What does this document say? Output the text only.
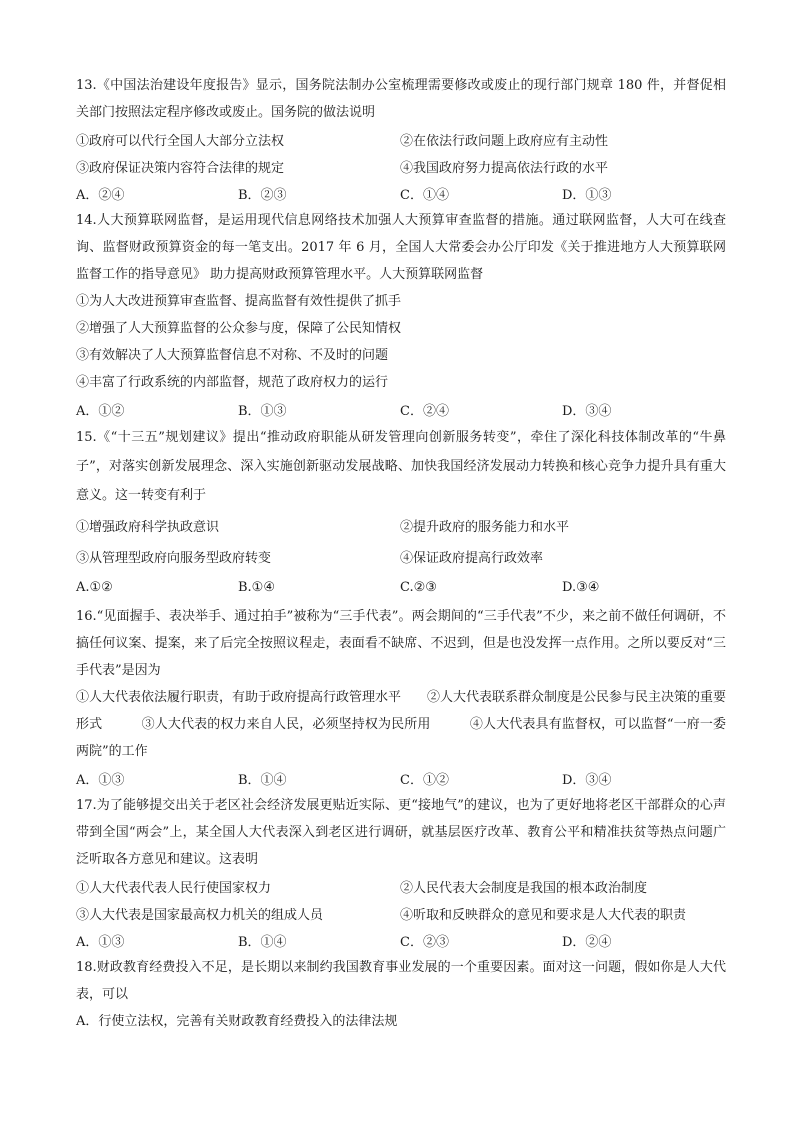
13.《中国法治建设年度报告》显示，国务院法制办公室梳理需要修改或废止的现行部门规章 180 件，并督促相关部门按照法定程序修改或废止。国务院的做法说明

①政府可以代行全国人大部分立法权	②在依法行政问题上政府应有主动性
③政府保证决策内容符合法律的规定	④我国政府努力提高依法行政的水平
A．②④	B．②③	C．①④	D．①③

14.人大预算联网监督，是运用现代信息网络技术加强人大预算审查监督的措施。通过联网监督，人大可在线查询、监督财政预算资金的每一笔支出。2017 年 6 月，全国人大常委会办公厅印发《关于推进地方人大预算联网监督工作的指导意见》 助力提高财政预算管理水平。人大预算联网监督

①为人大改进预算审查监督、提高监督有效性提供了抓手
②增强了人大预算监督的公众参与度，保障了公民知情权
③有效解决了人大预算监督信息不对称、不及时的问题
④丰富了行政系统的内部监督，规范了政府权力的运行
A．①②	B．①③	C．②④	D．③④

15.《“十三五”规划建议》提出“推动政府职能从研发管理向创新服务转变”，牵住了深化科技体制改革的“牛鼻子”，对落实创新发展理念、深入实施创新驱动发展战略、加快我国经济发展动力转换和核心竞争力提升具有重大意义。这一转变有利于

①增强政府科学执政意识	②提升政府的服务能力和水平
③从管理型政府向服务型政府转变	④保证政府提高行政效率
A.①②	B.①④	C.②③	D.③④

16.“见面握手、表决举手、通过拍手”被称为“三手代表”。两会期间的“三手代表”不少，来之前不做任何调研，不搞任何议案、提案，来了后完全按照议程走，表面看不缺席、不迟到，但是也没发挥一点作用。之所以要反对“三手代表”是因为

①人大代表依法履行职责，有助于政府提高行政管理水平　　②人大代表联系群众制度是公民参与民主决策的重要形式　　　③人大代表的权力来自人民，必须坚持权为民所用　　　④人大代表具有监督权，可以监督“一府一委两院”的工作

A．①③	B．①④	C．①②	D．③④

17.为了能够提交出关于老区社会经济发展更贴近实际、更“接地气”的建议，也为了更好地将老区干部群众的心声带到全国“两会”上，某全国人大代表深入到老区进行调研，就基层医疗改革、教育公平和精准扶贫等热点问题广泛听取各方意见和建议。这表明

①人大代表代表人民行使国家权力	②人民代表大会制度是我国的根本政治制度
③人大代表是国家最高权力机关的组成人员	④听取和反映群众的意见和要求是人大代表的职责
A．①③	B．①④	C．②③	D．②④

18.财政教育经费投入不足，是长期以来制约我国教育事业发展的一个重要因素。面对这一问题，假如你是人大代表，可以

A．行使立法权，完善有关财政教育经费投入的法律法规
